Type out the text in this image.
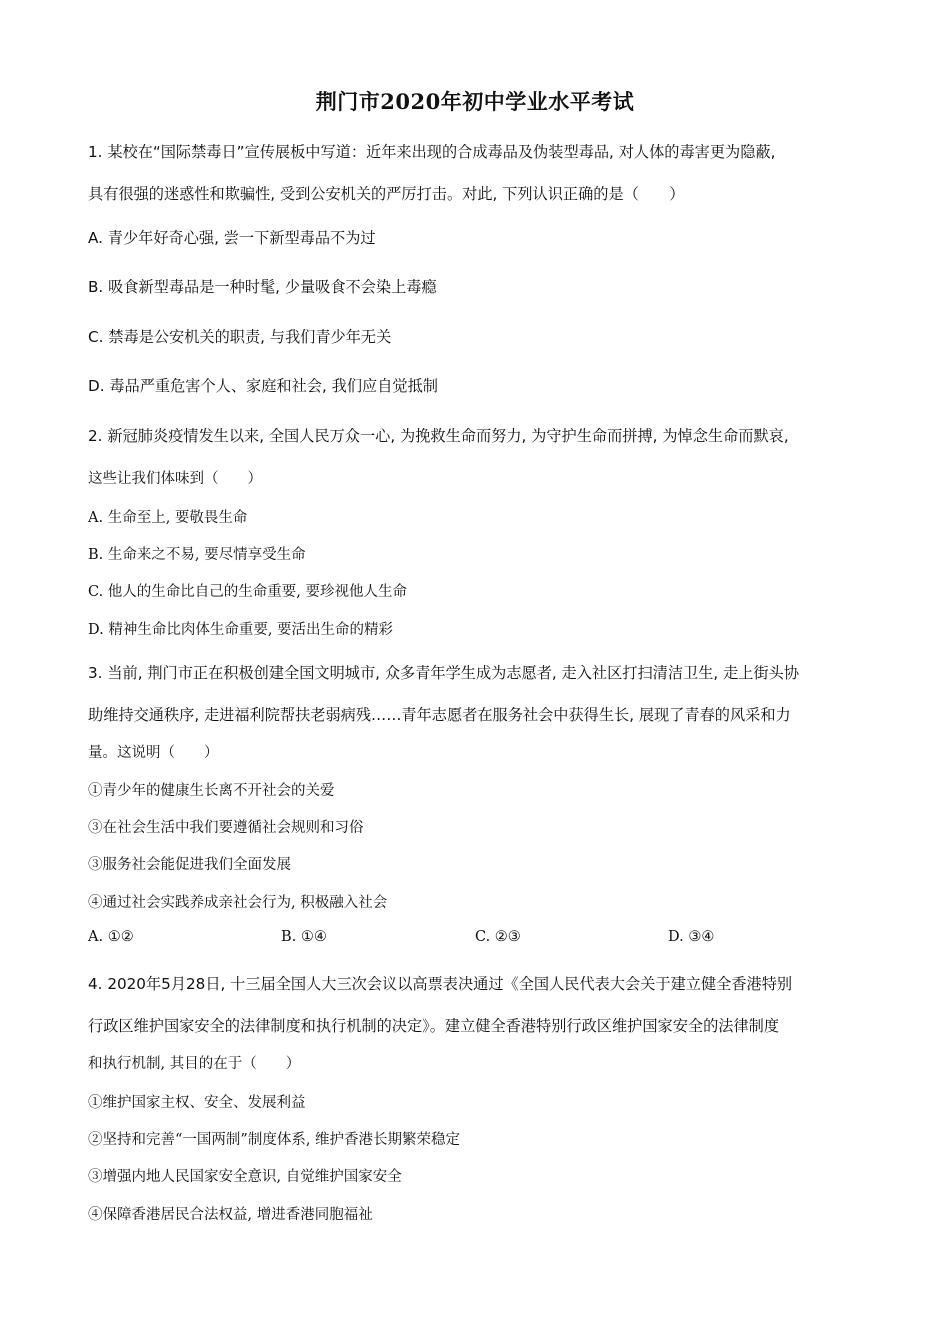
荆门市2020年初中学业水平考试
1. 某校在“国际禁毒日”宣传展板中写道：近年来出现的合成毒品及伪装型毒品, 对人体的毒害更为隐蔽,
具有很强的迷惑性和欺骗性, 受到公安机关的严厉打击。对此, 下列认识正确的是（　　）
A. 青少年好奇心强, 尝一下新型毒品不为过
B. 吸食新型毒品是一种时髦, 少量吸食不会染上毒瘾
C. 禁毒是公安机关的职责, 与我们青少年无关
D. 毒品严重危害个人、家庭和社会, 我们应自觉抵制
2. 新冠肺炎疫情发生以来, 全国人民万众一心, 为挽救生命而努力, 为守护生命而拼搏, 为悼念生命而默哀,
这些让我们体味到（　　）
A. 生命至上, 要敬畏生命
B. 生命来之不易, 要尽情享受生命
C. 他人的生命比自己的生命重要, 要珍视他人生命
D. 精神生命比肉体生命重要, 要活出生命的精彩
3. 当前, 荆门市正在积极创建全国文明城市, 众多青年学生成为志愿者, 走入社区打扫清洁卫生, 走上街头协
助维持交通秩序, 走进福利院帮扶老弱病残……青年志愿者在服务社会中获得生长, 展现了青春的风采和力
量。这说明（　　）
①青少年的健康生长离不开社会的关爱
③在社会生活中我们要遵循社会规则和习俗
③服务社会能促进我们全面发展
④通过社会实践养成亲社会行为, 积极融入社会
A. ①②	B. ①④	C. ②③	D. ③④
4. 2020年5月28日, 十三届全国人大三次会议以高票表决通过《全国人民代表大会关于建立健全香港特别
行政区维护国家安全的法律制度和执行机制的决定》。建立健全香港特别行政区维护国家安全的法律制度
和执行机制, 其目的在于（　　）
①维护国家主权、安全、发展利益
②坚持和完善“一国两制”制度体系, 维护香港长期繁荣稳定
③增强内地人民国家安全意识, 自觉维护国家安全
④保障香港居民合法权益, 增进香港同胞福祉
